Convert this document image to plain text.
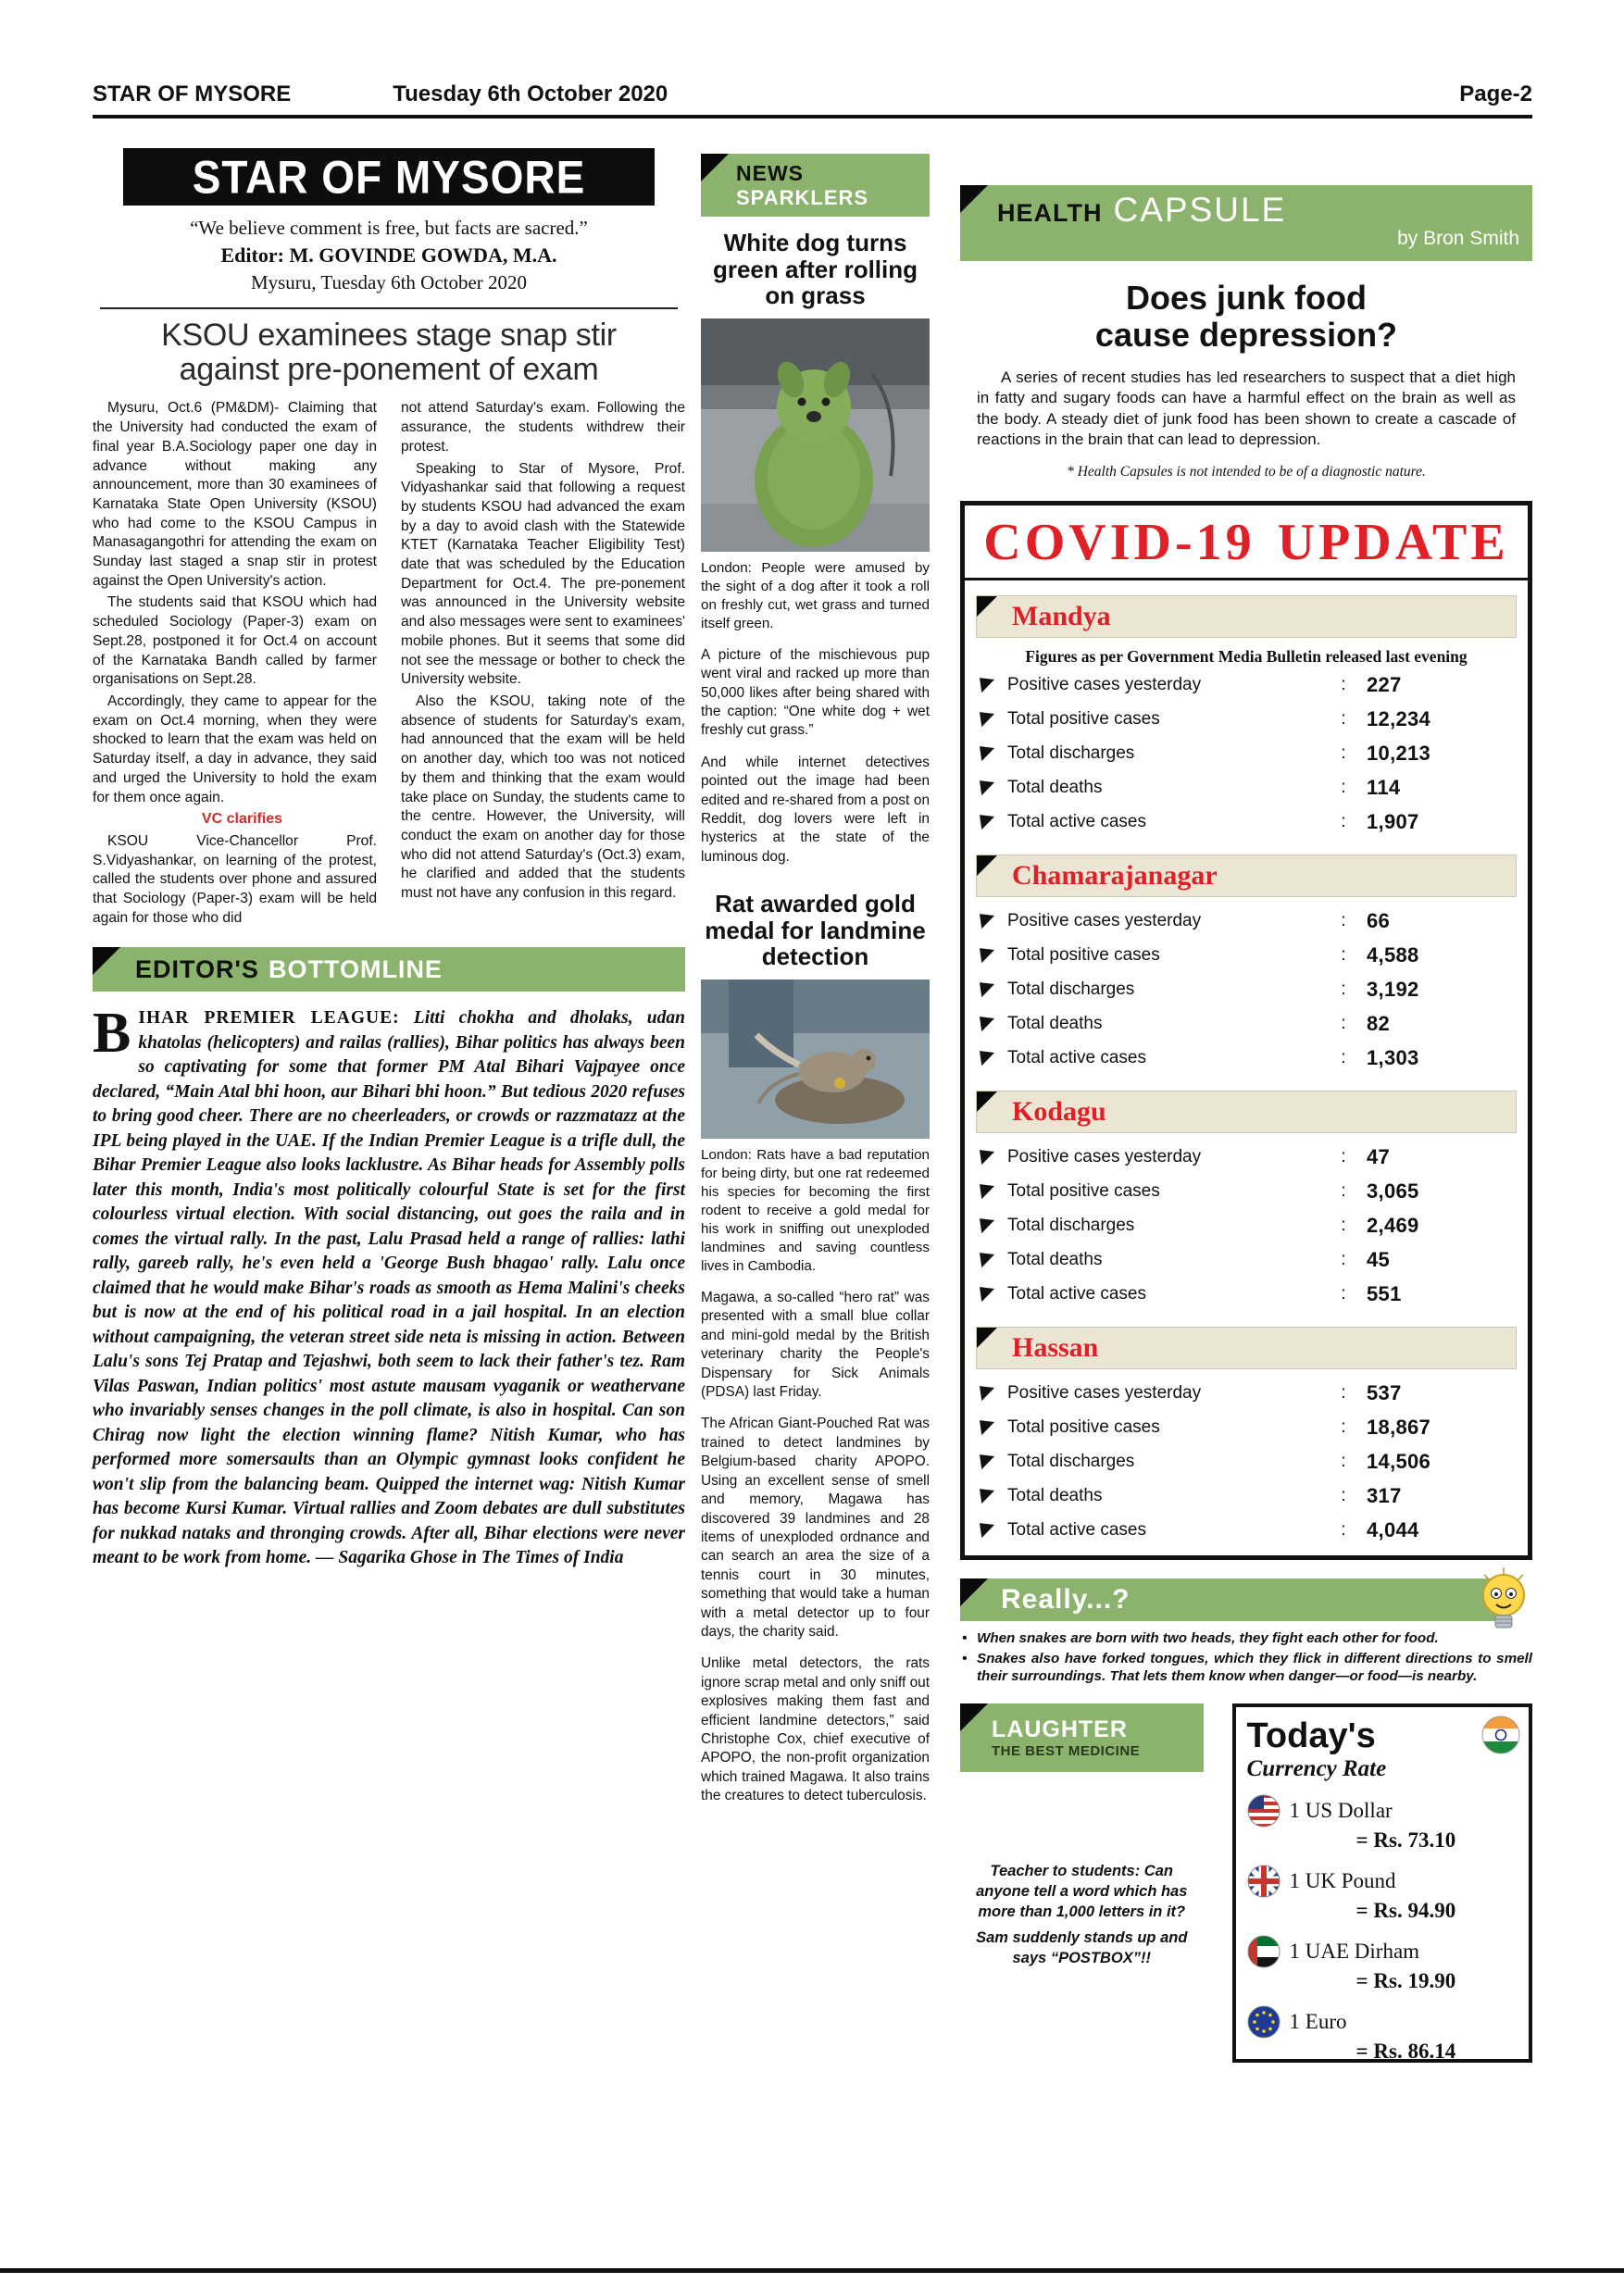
STAR OF MYSORE	Tuesday 6th October 2020	Page-2
STAR OF MYSORE
“We believe comment is free, but facts are sacred.”
Editor: M. GOVINDE GOWDA, M.A.
Mysuru, Tuesday 6th October 2020
KSOU examinees stage snap stir
against pre-ponement of exam

Mysuru, Oct.6 (PM&DM)- Claiming that the University had conducted the exam of final year B.A.Sociology paper one day in advance without making any announcement, more than 30 examinees of Karnataka State Open University (KSOU) who had come to the KSOU Campus in Manasagangothri for attending the exam on Sunday last staged a snap stir in protest against the Open University's action.

The students said that KSOU which had scheduled Sociology (Paper-3) exam on Sept.28, postponed it for Oct.4 on account of the Karnataka Bandh called by farmer organisations on Sept.28.

Accordingly, they came to appear for the exam on Oct.4 morning, when they were shocked to learn that the exam was held on Saturday itself, a day in advance, they said and urged the University to hold the exam for them once again.

VC clarifies

KSOU Vice-Chancellor Prof. S.Vidyashankar, on learning of the protest, called the students over phone and assured that Sociology (Paper-3) exam will be held again for those who did

not attend Saturday's exam. Following the assurance, the students withdrew their protest.

Speaking to Star of Mysore, Prof. Vidyashankar said that following a request by students KSOU had advanced the exam by a day to avoid clash with the Statewide KTET (Karnataka Teacher Eligibility Test) date that was scheduled by the Education Department for Oct.4. The pre-ponement was announced in the University website and also messages were sent to examinees' mobile phones. But it seems that some did not see the message or bother to check the University website.

Also the KSOU, taking note of the absence of students for Saturday's exam, had announced that the exam will be held on another day, which too was not noticed by them and thinking that the exam would take place on Sunday, the students came to the centre. However, the University, will conduct the exam on another day for those who did not attend Saturday's (Oct.3) exam, he clarified and added that the students must not have any confusion in this regard.

EDITOR'S BOTTOMLINE

BIHAR PREMIER LEAGUE: Litti chokha and dholaks, udan khatolas (helicopters) and railas (rallies), Bihar politics has always been so captivating for some that former PM Atal Bihari Vajpayee once declared, “Main Atal bhi hoon, aur Bihari bhi hoon.” But tedious 2020 refuses to bring good cheer. There are no cheerleaders, or crowds or razzmatazz at the IPL being played in the UAE. If the Indian Premier League is a trifle dull, the Bihar Premier League also looks lacklustre. As Bihar heads for Assembly polls later this month, India's most politically colourful State is set for the first colourless virtual election. With social distancing, out goes the raila and in comes the virtual rally. In the past, Lalu Prasad held a range of rallies: lathi rally, gareeb rally, he's even held a 'George Bush bhagao' rally. Lalu once claimed that he would make Bihar's roads as smooth as Hema Malini's cheeks but is now at the end of his political road in a jail hospital. In an election without campaigning, the veteran street side neta is missing in action. Between Lalu's sons Tej Pratap and Tejashwi, both seem to lack their father's tez. Ram Vilas Paswan, Indian politics' most astute mausam vyaganik or weathervane who invariably senses changes in the poll climate, is also in hospital. Can son Chirag now light the election winning flame? Nitish Kumar, who has performed more somersaults than an Olympic gymnast looks confident he won't slip from the balancing beam. Quipped the internet wag: Nitish Kumar has become Kursi Kumar. Virtual rallies and Zoom debates are dull substitutes for nukkad nataks and thronging crowds. After all, Bihar elections were never meant to be work from home. — Sagarika Ghose in The Times of India

NEWS
SPARKLERS
White dog turns green after rolling on grass
London: People were amused by the sight of a dog after it took a roll on freshly cut, wet grass and turned itself green.

A picture of the mischievous pup went viral and racked up more than 50,000 likes after being shared with the caption: “One white dog + wet freshly cut grass.”

And while internet detectives pointed out the image had been edited and re-shared from a post on Reddit, dog lovers were left in hysterics at the state of the luminous dog.

Rat awarded gold medal for landmine detection
London: Rats have a bad reputation for being dirty, but one rat redeemed his species for becoming the first rodent to receive a gold medal for his work in sniffing out unexploded landmines and saving countless lives in Cambodia.

Magawa, a so-called “hero rat” was presented with a small blue collar and mini-gold medal by the British veterinary charity the People's Dispensary for Sick Animals (PDSA) last Friday.

The African Giant-Pouched Rat was trained to detect landmines by Belgium-based charity APOPO. Using an excellent sense of smell and memory, Magawa has discovered 39 landmines and 28 items of unexploded ordnance and can search an area the size of a tennis court in 30 minutes, something that would take a human with a metal detector up to four days, the charity said.

Unlike metal detectors, the rats ignore scrap metal and only sniff out explosives making them fast and efficient landmine detectors,” said Christophe Cox, chief executive of APOPO, the non-profit organization which trained Magawa. It also trains the creatures to detect tuberculosis.

HEALTH CAPSULE
by Bron Smith
Does junk food
cause depression?

A series of recent studies has led researchers to suspect that a diet high in fatty and sugary foods can have a harmful effect on the brain as well as the body. A steady diet of junk food has been shown to create a cascade of reactions in the brain that can lead to depression.

* Health Capsules is not intended to be of a diagnostic nature.
COVID-19 UPDATE
Mandya
Figures as per Government Media Bulletin released last evening
Positive cases yesterday	:	227
Total positive cases	:	12,234
Total discharges	:	10,213
Total deaths	:	114
Total active cases	:	1,907
Chamarajanagar
Positive cases yesterday	:	66
Total positive cases	:	4,588
Total discharges	:	3,192
Total deaths	:	82
Total active cases	:	1,303
Kodagu
Positive cases yesterday	:	47
Total positive cases	:	3,065
Total discharges	:	2,469
Total deaths	:	45
Total active cases	:	551
Hassan
Positive cases yesterday	:	537
Total positive cases	:	18,867
Total discharges	:	14,506
Total deaths	:	317
Total active cases	:	4,044
Really...?
• When snakes are born with two heads, they fight each other for food.
• Snakes also have forked tongues, which they flick in different directions to smell their surroundings. That lets them know when danger—or food—is nearby.
LAUGHTER
THE BEST MEDICINE

Teacher to students: Can anyone tell a word which has more than 1,000 letters in it?

Sam suddenly stands up and says “POSTBOX”!!

Today's
Currency Rate
1 US Dollar
= Rs. 73.10
1 UK Pound
= Rs. 94.90
1 UAE Dirham
= Rs. 19.90
1 Euro
= Rs. 86.14
